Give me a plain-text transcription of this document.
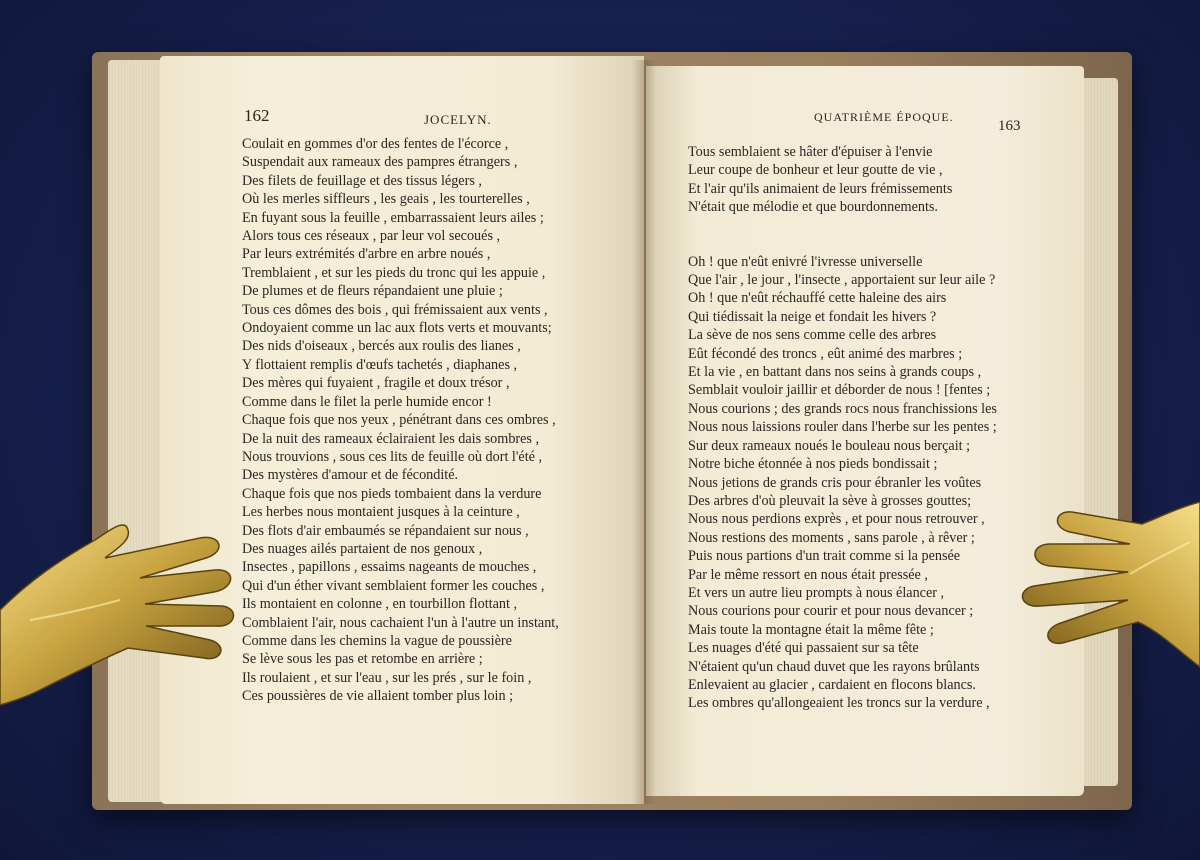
162	JOCELYN.
Coulait en gommes d'or des fentes de l'écorce ,
Suspendait aux rameaux des pampres étrangers ,
Des filets de feuillage et des tissus légers ,
Où les merles siffleurs , les geais , les tourterelles ,
En fuyant sous la feuille , embarrassaient leurs ailes ;
Alors tous ces réseaux , par leur vol secoués ,
Par leurs extrémités d'arbre en arbre noués ,
Tremblaient , et sur les pieds du tronc qui les appuie ,
De plumes et de fleurs répandaient une pluie ;
Tous ces dômes des bois , qui frémissaient aux vents ,
Ondoyaient comme un lac aux flots verts et mouvants;
Des nids d'oiseaux , bercés aux roulis des lianes ,
Y flottaient remplis d'œufs tachetés , diaphanes ,
Des mères qui fuyaient , fragile et doux trésor ,
Comme dans le filet la perle humide encor !
Chaque fois que nos yeux , pénétrant dans ces ombres ,
De la nuit des rameaux éclairaient les dais sombres ,
Nous trouvions , sous ces lits de feuille où dort l'été ,
Des mystères d'amour et de fécondité.
Chaque fois que nos pieds tombaient dans la verdure
Les herbes nous montaient jusques à la ceinture ,
Des flots d'air embaumés se répandaient sur nous ,
Des nuages ailés partaient de nos genoux ,
Insectes , papillons , essaims nageants de mouches ,
Qui d'un éther vivant semblaient former les couches ,
Ils montaient en colonne , en tourbillon flottant ,
Comblaient l'air, nous cachaient l'un à l'autre un instant,
Comme dans les chemins la vague de poussière
Se lève sous les pas et retombe en arrière ;
Ils roulaient , et sur l'eau , sur les prés , sur le foin ,
Ces poussières de vie allaient tomber plus loin ;
QUATRIÈME ÉPOQUE.
163
Tous semblaient se hâter d'épuiser à l'envie
Leur coupe de bonheur et leur goutte de vie ,
Et l'air qu'ils animaient de leurs frémissements
N'était que mélodie et que bourdonnements.
Oh ! que n'eût enivré l'ivresse universelle
Que l'air , le jour , l'insecte , apportaient sur leur aile ?
Oh ! que n'eût réchauffé cette haleine des airs
Qui tiédissait la neige et fondait les hivers ?
La sève de nos sens comme celle des arbres
Eût fécondé des troncs , eût animé des marbres ;
Et la vie , en battant dans nos seins à grands coups ,
Semblait vouloir jaillir et déborder de nous ! [fentes ;
Nous courions ; des grands rocs nous franchissions les
Nous nous laissions rouler dans l'herbe sur les pentes ;
Sur deux rameaux noués le bouleau nous berçait ;
Notre biche étonnée à nos pieds bondissait ;
Nous jetions de grands cris pour ébranler les voûtes
Des arbres d'où pleuvait la sève à grosses gouttes;
Nous nous perdions exprès , et pour nous retrouver ,
Nous restions des moments , sans parole , à rêver ;
Puis nous partions d'un trait comme si la pensée
Par le même ressort en nous était pressée ,
Et vers un autre lieu prompts à nous élancer ,
Nous courions pour courir et pour nous devancer ;
Mais toute la montagne était la même fête ;
Les nuages d'été qui passaient sur sa tête
N'étaient qu'un chaud duvet que les rayons brûlants
Enlevaient au glacier , cardaient en flocons blancs.
Les ombres qu'allongeaient les troncs sur la verdure ,
